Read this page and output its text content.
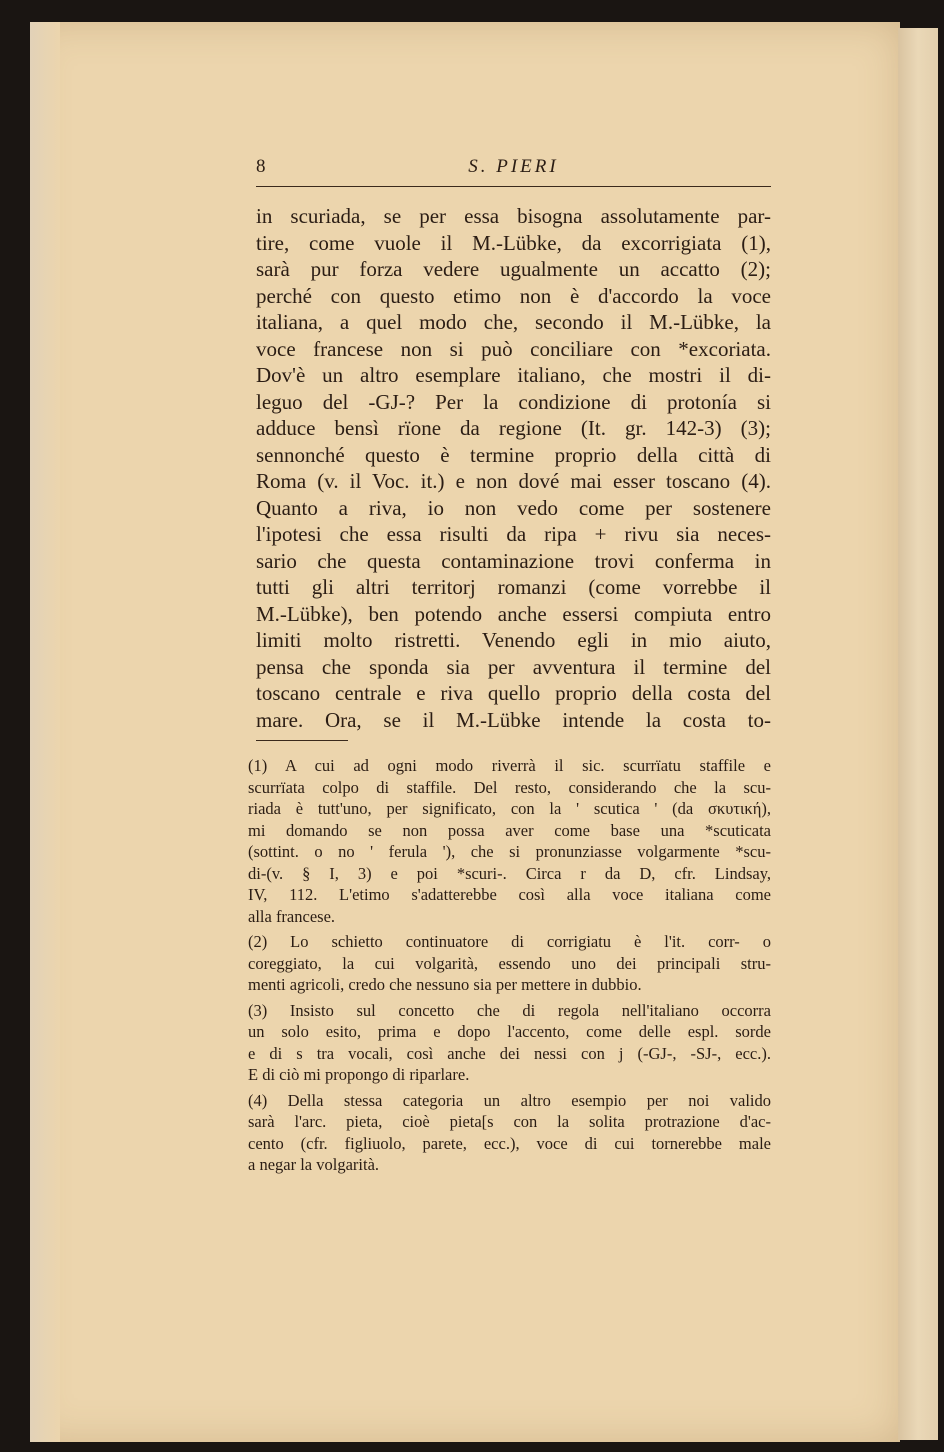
8	S. PIERI
in scuriada, se per essa bisogna assolutamente par-
tire, come vuole il M.-Lübke, da excorrigiata (1),
sarà pur forza vedere ugualmente un accatto (2);
perché con questo etimo non è d'accordo la voce
italiana, a quel modo che, secondo il M.-Lübke, la
voce francese non si può conciliare con *excoriata.
Dov'è un altro esemplare italiano, che mostri il di-
leguo del -GJ-? Per la condizione di protonía si
adduce bensì rïone da regione (It. gr. 142-3) (3);
sennonché questo è termine proprio della città di
Roma (v. il Voc. it.) e non dové mai esser toscano (4).
Quanto a riva, io non vedo come per sostenere
l'ipotesi che essa risulti da ripa + rivu sia neces-
sario che questa contaminazione trovi conferma in
tutti gli altri territorj romanzi (come vorrebbe il
M.-Lübke), ben potendo anche essersi compiuta entro
limiti molto ristretti. Venendo egli in mio aiuto,
pensa che sponda sia per avventura il termine del
toscano centrale e riva quello proprio della costa del
mare. Ora, se il M.-Lübke intende la costa to-
(1) A cui ad ogni modo riverrà il sic. scurrïatu staffile e
scurrïata colpo di staffile. Del resto, considerando che la scu-
riada è tutt'uno, per significato, con la ' scutica ' (da σκυτική),
mi domando se non possa aver come base una *scuticata
(sottint. o no ' ferula '), che si pronunziasse volgarmente *scu-
di-(v. § I, 3) e poi *scuri-. Circa r da D, cfr. Lindsay,
IV, 112. L'etimo s'adatterebbe così alla voce italiana come
alla francese.
(2) Lo schietto continuatore di corrigiatu è l'it. corr- o
coreggiato, la cui volgarità, essendo uno dei principali stru-
menti agricoli, credo che nessuno sia per mettere in dubbio.
(3) Insisto sul concetto che di regola nell'italiano occorra
un solo esito, prima e dopo l'accento, come delle espl. sorde
e di s tra vocali, così anche dei nessi con j (-GJ-, -SJ-, ecc.).
E di ciò mi propongo di riparlare.
(4) Della stessa categoria un altro esempio per noi valido
sarà l'arc. pieta, cioè pieta[s con la solita protrazione d'ac-
cento (cfr. figliuolo, parete, ecc.), voce di cui tornerebbe male
a negar la volgarità.
